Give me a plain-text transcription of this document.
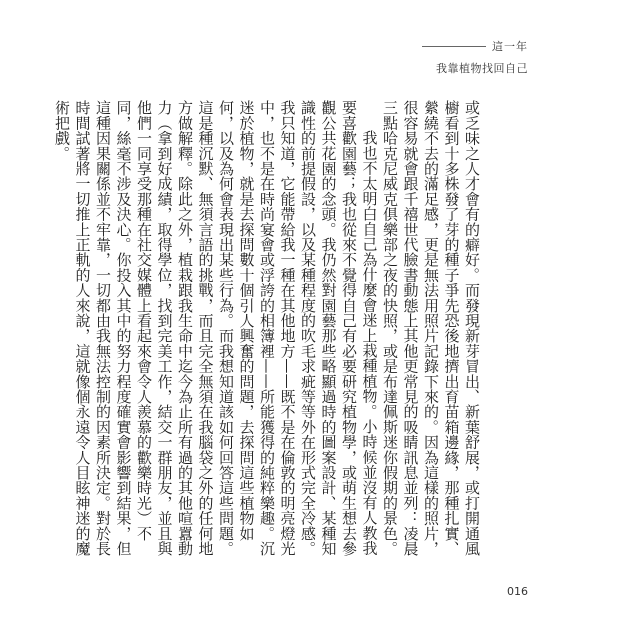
這一年
我靠植物找回自己

或乏味之人才會有的癖好。而發現新芽冒出、新葉舒展，或打開通風櫥看到十多株發了芽的種子爭先恐後地擠出育苗箱邊緣，那種扎實、縈繞不去的滿足感，更是無法用照片記錄下來的。因為這樣的照片，很容易就會跟千禧世代臉書動態上其他更常見的吸睛訊息並列：凌晨三點哈克尼威克俱樂部之夜的快照，或是布達佩斯迷你假期的景色。

我也不太明白自己為什麼會迷上栽種植物。小時候並沒有人教我要喜歡園藝；我也從來不覺得自己有必要研究植物學，或萌生想去參觀公共花園的念頭。我仍然對園藝那些略顯過時的圖案設計、某種知識性的前提假設，以及某種程度的吹毛求疵等等外在形式完全冷感。我只知道，它能帶給我一種在其他地方——既不是在倫敦的明亮燈光中，也不是在時尚宴會或浮誇的相簿裡——所能獲得的純粹樂趣。沉迷於植物，就是去探問數十個引人興奮的問題，去探問這些植物如何，以及為何會表現出某些行為。而我想知道該如何回答這些問題。這是種沉默、無須言語的挑戰，而且完全無須在我腦袋之外的任何地方做解釋。除此之外，植栽跟我生命中迄今為止所有過的其他喧囂動力（拿到好成績，取得學位，找到完美工作，結交一群朋友，並且與他們一同享受那種在社交媒體上看起來會令人羨慕的歡樂時光）不同，絲毫不涉及決心。你投入其中的努力程度確實會影響到結果，但這種因果關係並不牢靠，一切都由我無法控制的因素所決定。對於長時間試著將一切推上正軌的人來說，這就像個永遠令人目眩神迷的魔術把戲。

016
